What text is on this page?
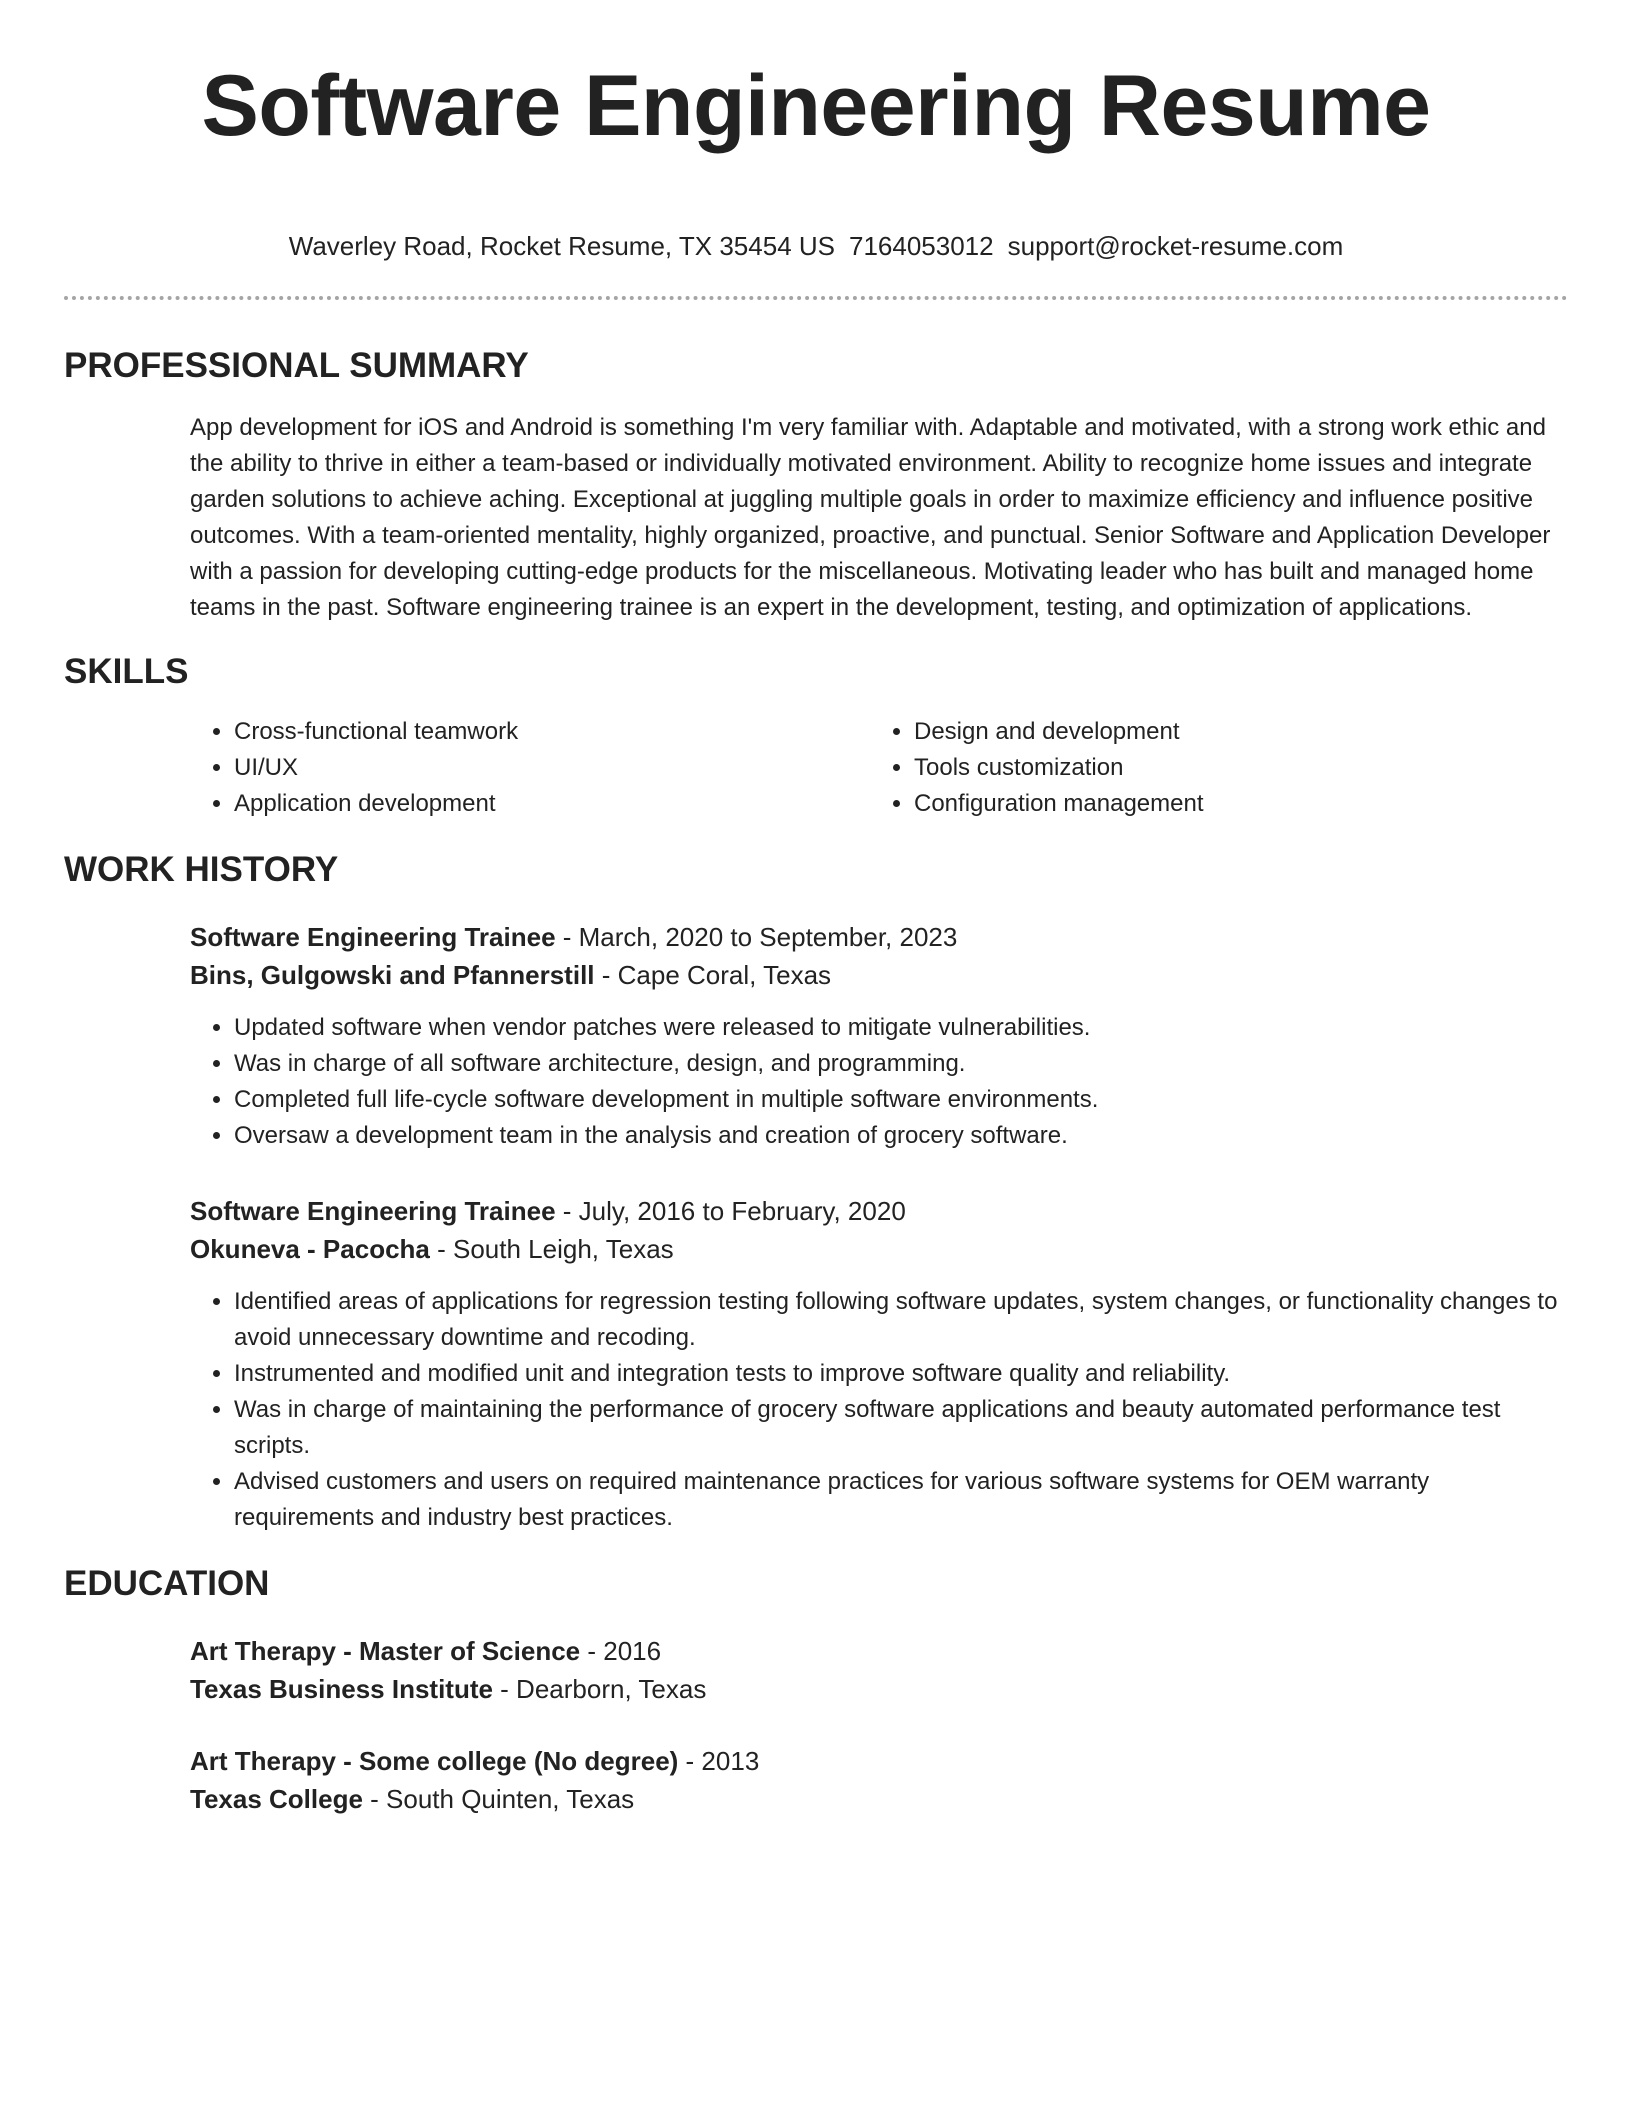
Software Engineering Resume
Waverley Road, Rocket Resume, TX 35454 US 7164053012 support@rocket-resume.com
PROFESSIONAL SUMMARY
App development for iOS and Android is something I'm very familiar with. Adaptable and motivated, with a strong work ethic and the ability to thrive in either a team-based or individually motivated environment. Ability to recognize home issues and integrate garden solutions to achieve aching. Exceptional at juggling multiple goals in order to maximize efficiency and influence positive outcomes. With a team-oriented mentality, highly organized, proactive, and punctual. Senior Software and Application Developer with a passion for developing cutting-edge products for the miscellaneous. Motivating leader who has built and managed home teams in the past. Software engineering trainee is an expert in the development, testing, and optimization of applications.
SKILLS
• Cross-functional teamwork
• UI/UX
• Application development
• Design and development
• Tools customization
• Configuration management
WORK HISTORY
Software Engineering Trainee - March, 2020 to September, 2023
Bins, Gulgowski and Pfannerstill - Cape Coral, Texas
• Updated software when vendor patches were released to mitigate vulnerabilities.
• Was in charge of all software architecture, design, and programming.
• Completed full life-cycle software development in multiple software environments.
• Oversaw a development team in the analysis and creation of grocery software.
Software Engineering Trainee - July, 2016 to February, 2020
Okuneva - Pacocha - South Leigh, Texas
• Identified areas of applications for regression testing following software updates, system changes, or functionality changes to avoid unnecessary downtime and recoding.
• Instrumented and modified unit and integration tests to improve software quality and reliability.
• Was in charge of maintaining the performance of grocery software applications and beauty automated performance test scripts.
• Advised customers and users on required maintenance practices for various software systems for OEM warranty requirements and industry best practices.
EDUCATION
Art Therapy - Master of Science - 2016
Texas Business Institute - Dearborn, Texas
Art Therapy - Some college (No degree) - 2013
Texas College - South Quinten, Texas
